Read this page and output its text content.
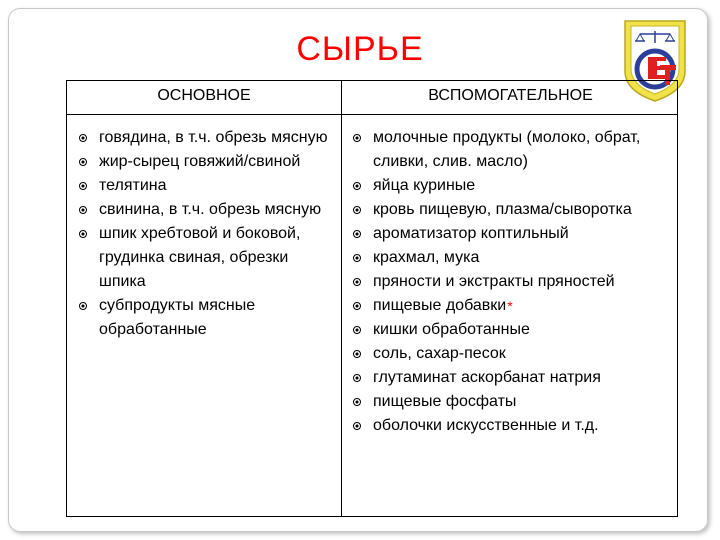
СЫРЬЕ
ОСНОВНОЕ	ВСПОМОГАТЕЛЬНОЕ
говядина, в т.ч. обрезь мясную
жир-сырец говяжий/свиной
телятина
свинина, в т.ч. обрезь мясную
шпик хребтовой и боковой, грудинка свиная, обрезки шпика
субпродукты мясные обработанные
молочные продукты (молоко, обрат, сливки, слив. масло)
яйца куриные
кровь пищевую, плазма/сыворотка
ароматизатор коптильный
крахмал, мука
пряности и экстракты пряностей
пищевые добавки*
кишки обработанные
соль, сахар-песок
глутаминат аскорбанат натрия
пищевые фосфаты
оболочки искусственные и т.д.
